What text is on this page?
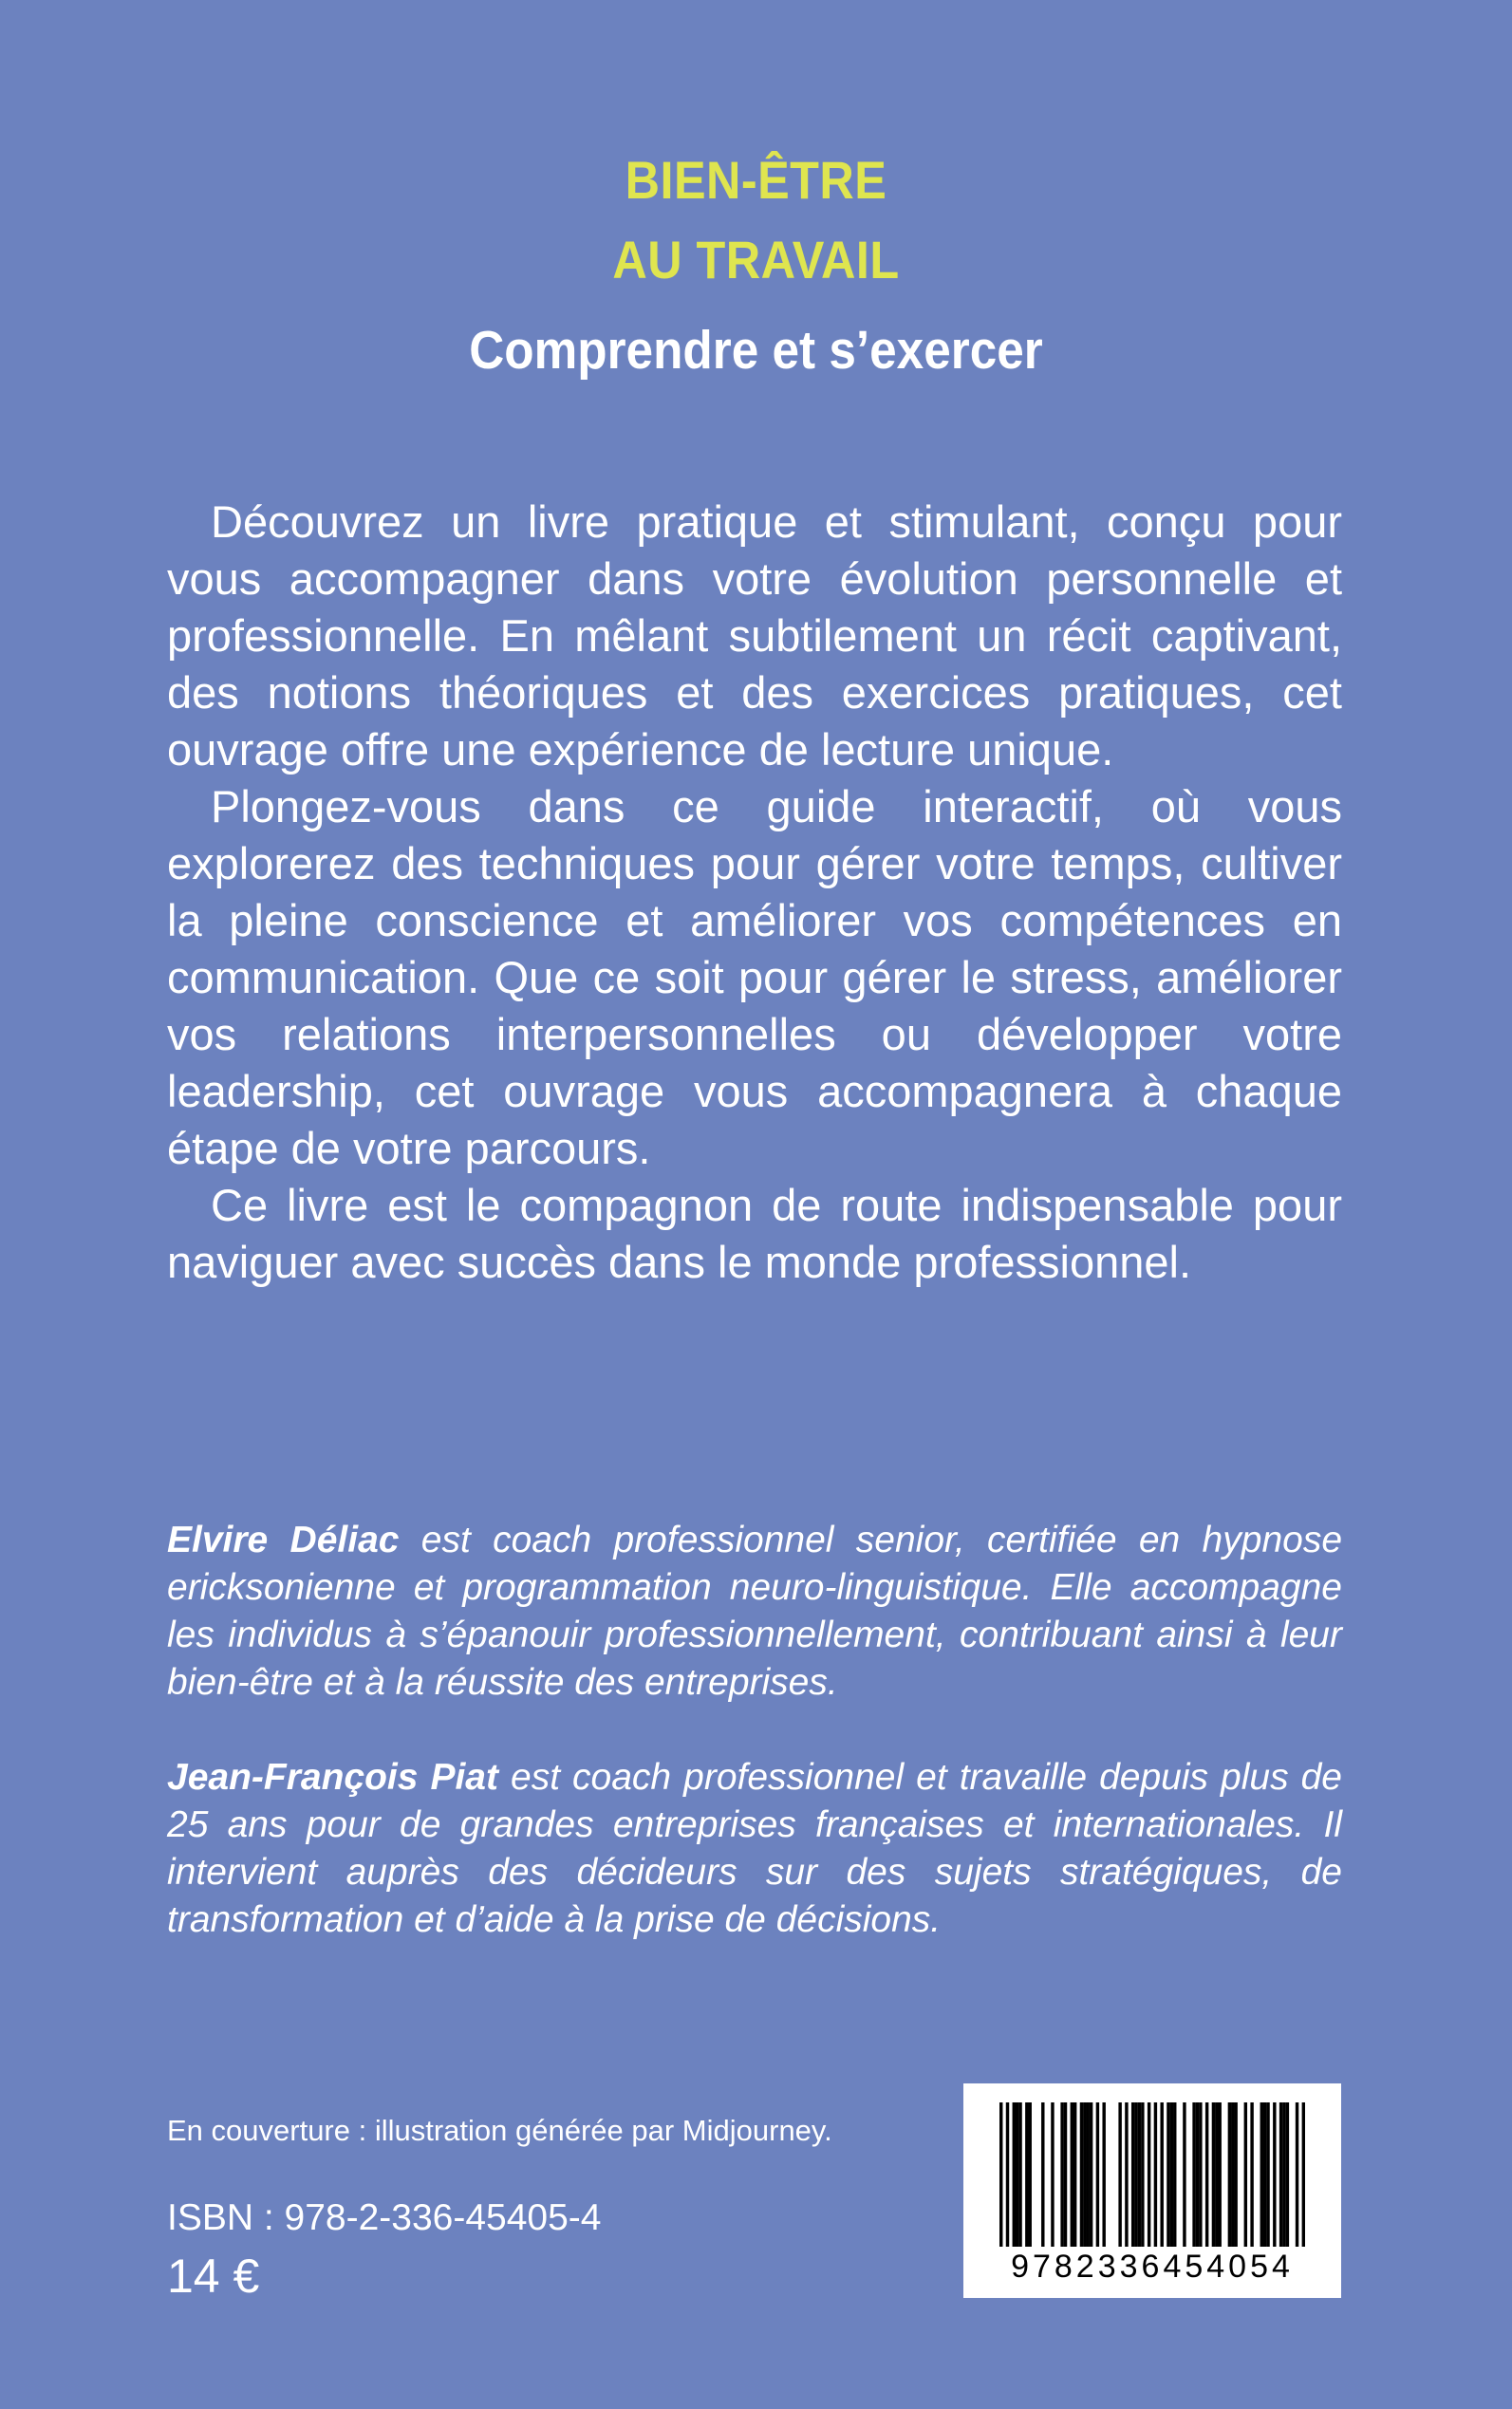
BIEN-ÊTRE
AU TRAVAIL
Comprendre et s’exercer

Découvrez un livre pratique et stimulant, conçu pour vous accompagner dans votre évolution personnelle et professionnelle. En mêlant subtilement un récit captivant, des notions théoriques et des exercices pratiques, cet ouvrage offre une expérience de lecture unique.

Plongez-vous dans ce guide interactif, où vous explorerez des techniques pour gérer votre temps, cultiver la pleine conscience et améliorer vos compétences en communication. Que ce soit pour gérer le stress, améliorer vos relations interpersonnelles ou développer votre leadership, cet ouvrage vous accompagnera à chaque étape de votre parcours.

Ce livre est le compagnon de route indispensable pour naviguer avec succès dans le monde professionnel.

Elvire Déliac est coach professionnel senior, certifiée en hypnose ericksonienne et programmation neuro-linguistique. Elle accompagne les individus à s’épanouir professionnellement, contribuant ainsi à leur bien-être et à la réussite des entreprises.

Jean-François Piat est coach professionnel et travaille depuis plus de 25 ans pour de grandes entreprises françaises et internationales. Il intervient auprès des décideurs sur des sujets stratégiques, de transformation et d’aide à la prise de décisions.

En couverture : illustration générée par Midjourney.
ISBN : 978-2-336-45405-4
14 €	9782336454054
